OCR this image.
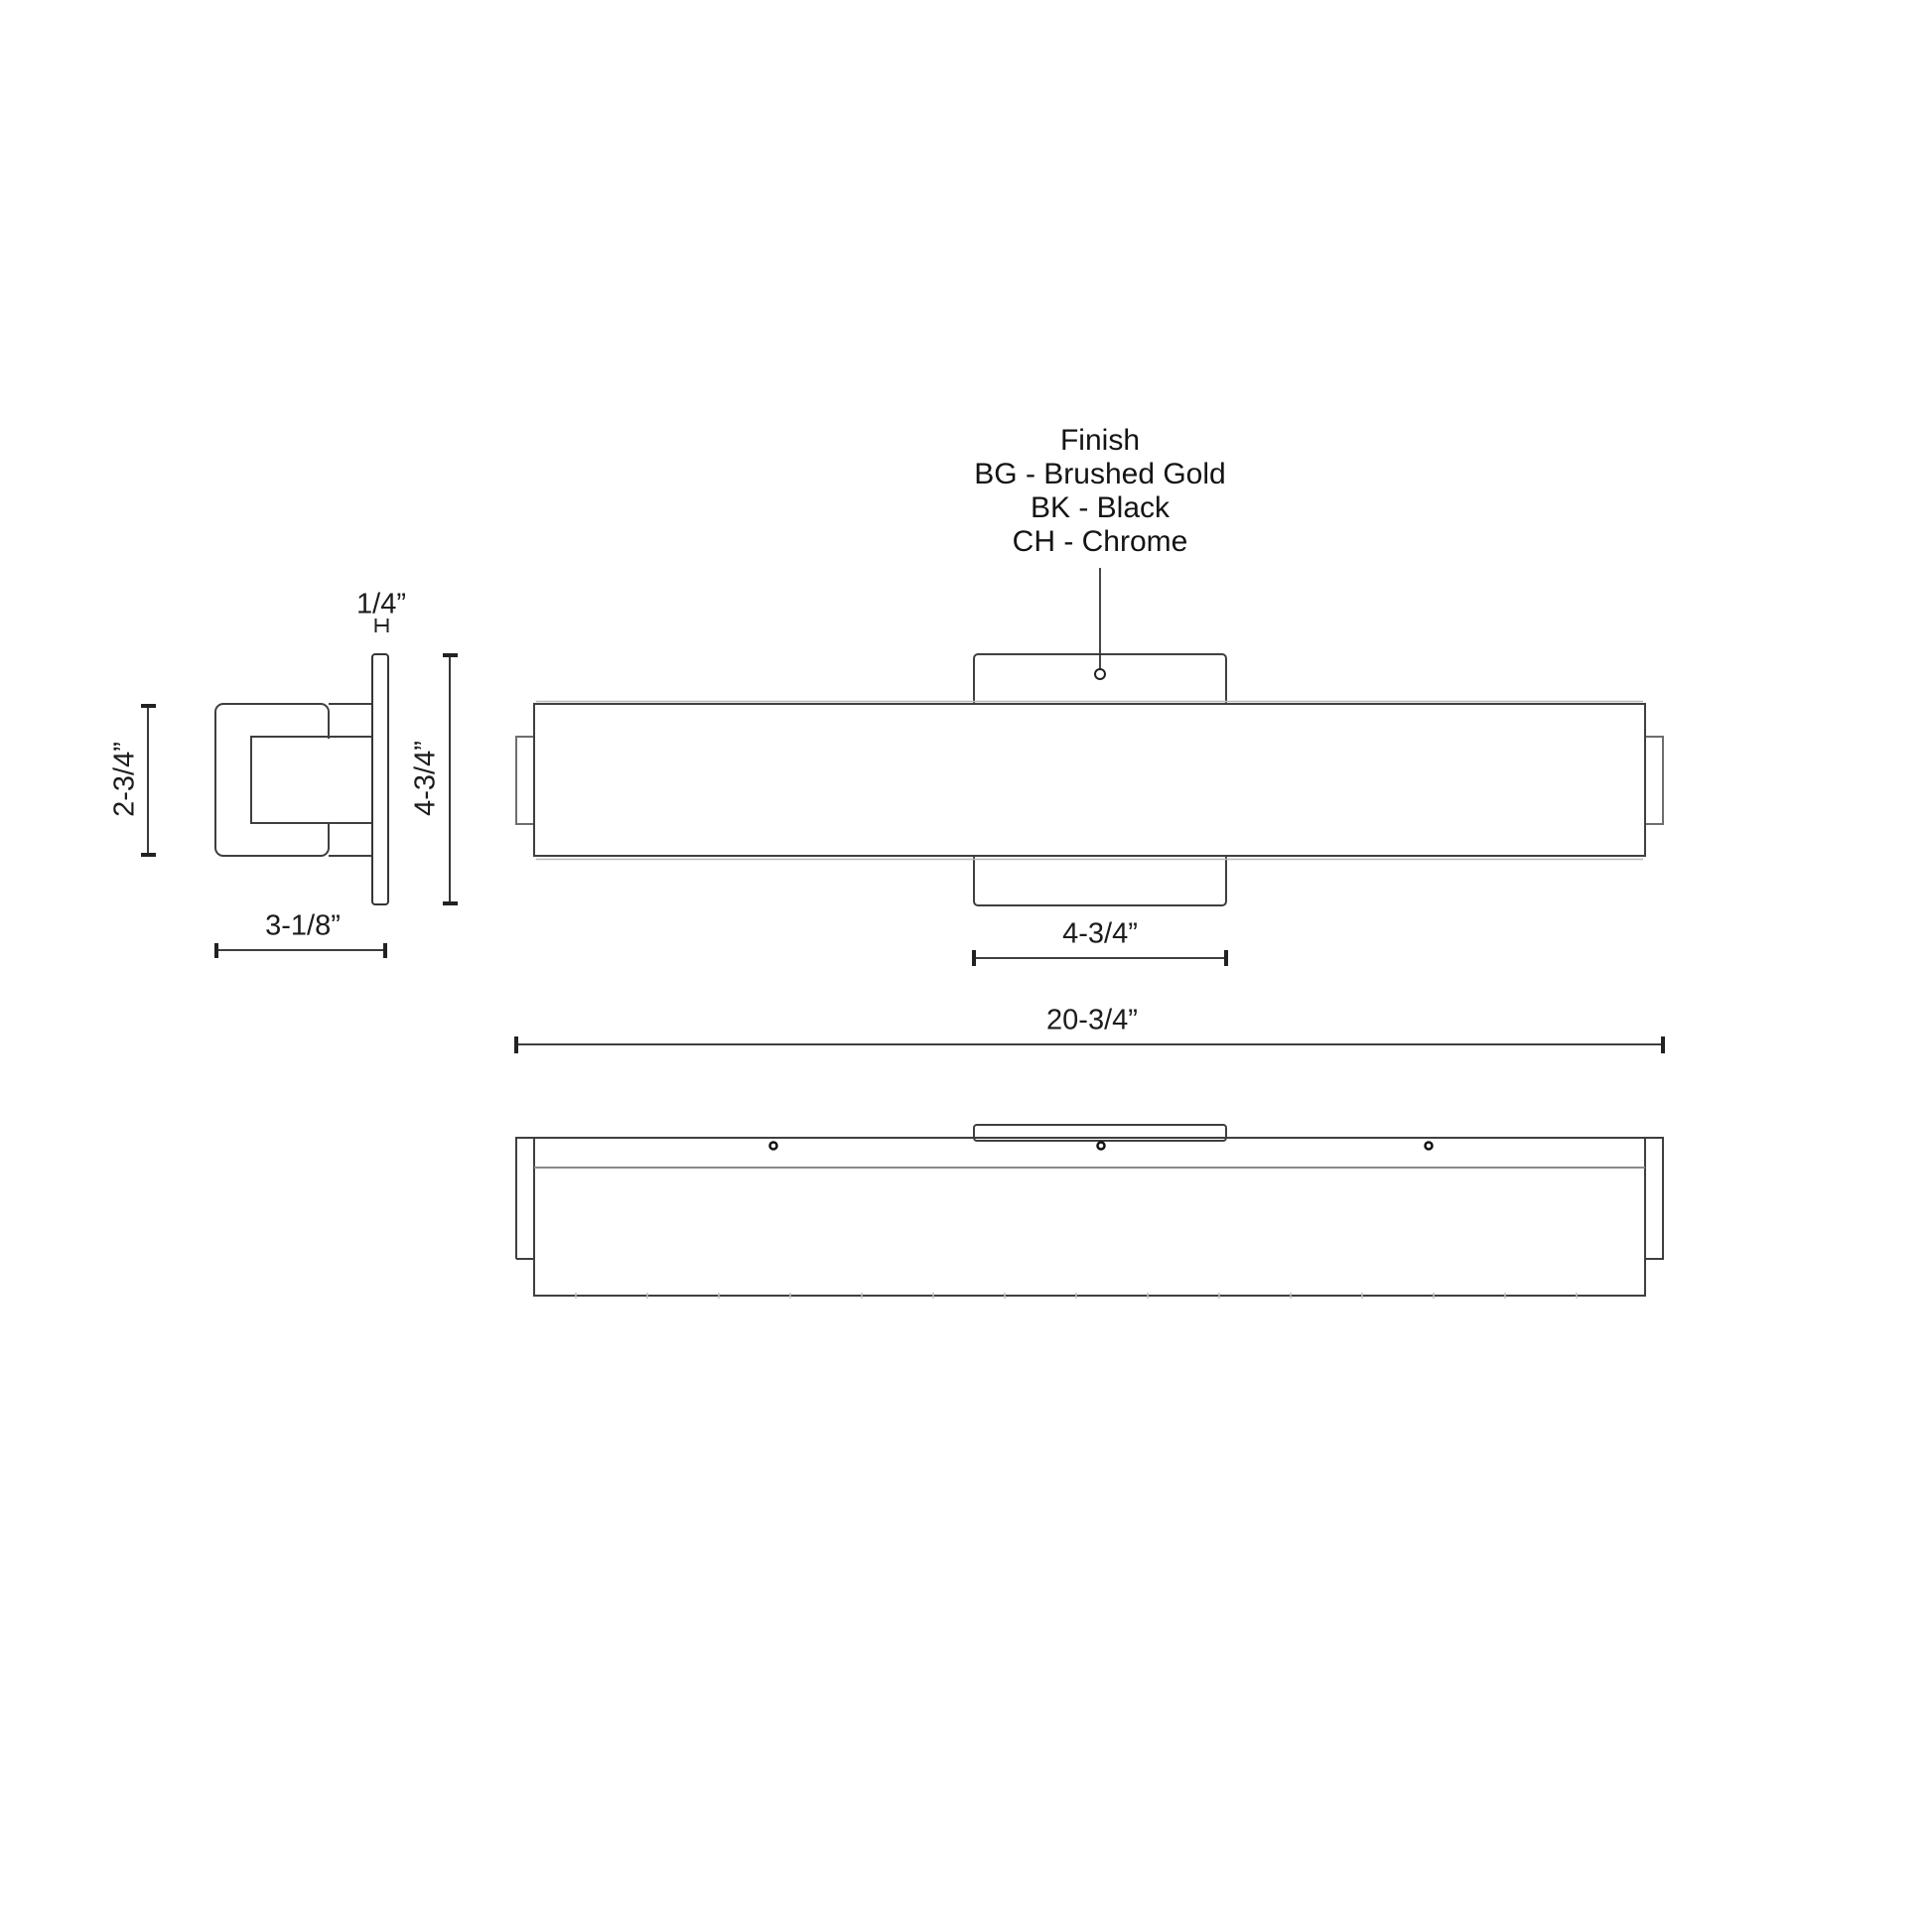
Finish
BG - Brushed Gold
BK - Black
CH - Chrome
1/4”
2-3/4”	4-3/4”
3-1/8”	4-3/4”
20-3/4”
